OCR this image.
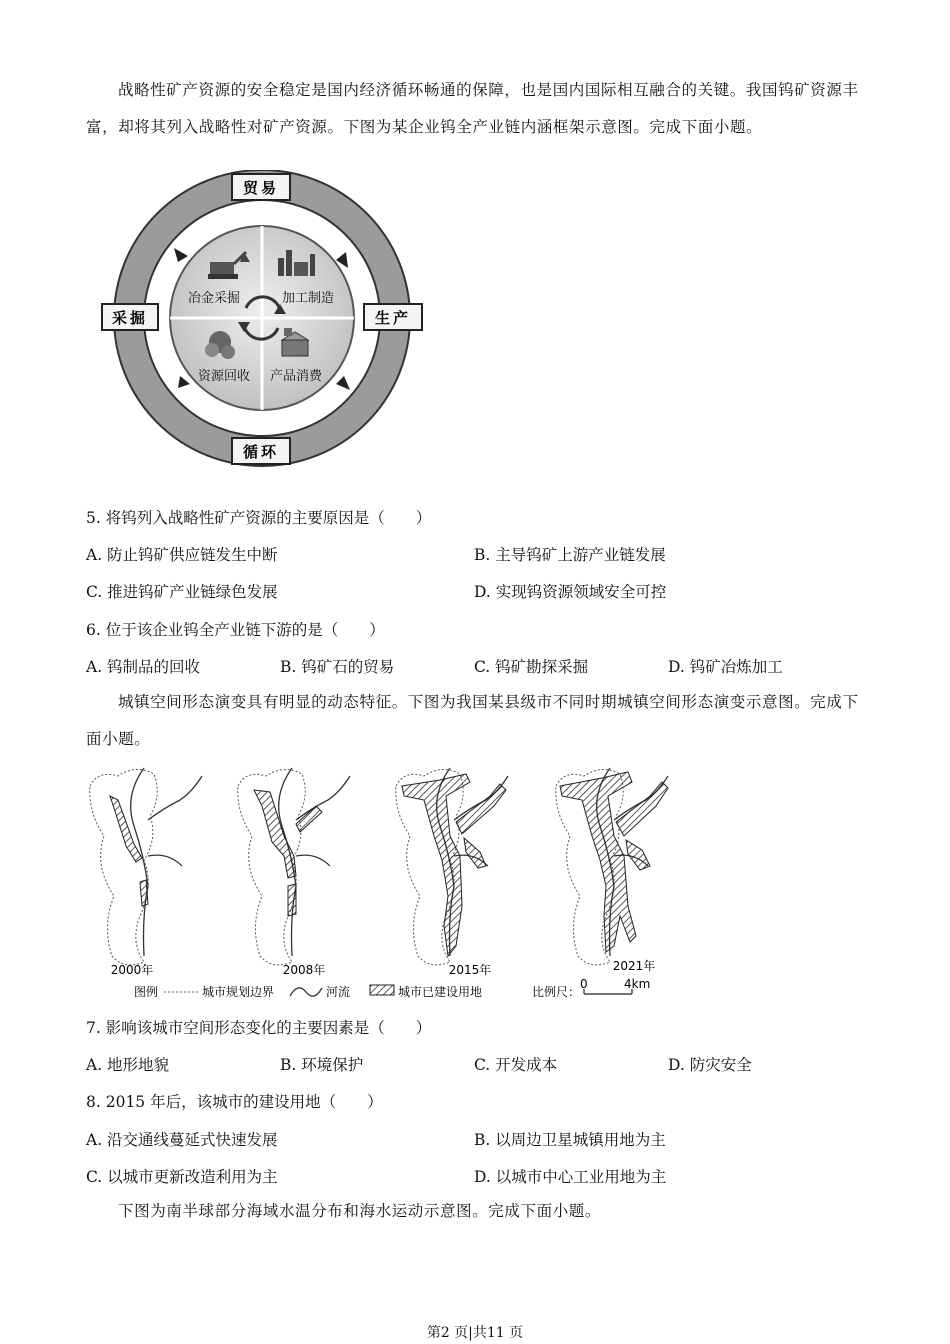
战略性矿产资源的安全稳定是国内经济循环畅通的保障，也是国内国际相互融合的关键。我国钨矿资源丰富，却将其列入战略性对矿产资源。下图为某企业钨全产业链内涵框架示意图。完成下面小题。
冶金采掘	加工制造
资源回收 产品消费
贸易
采掘	生产
循环
5. 将钨列入战略性矿产资源的主要原因是（　　）
A. 防止钨矿供应链发生中断	B. 主导钨矿上游产业链发展
C. 推进钨矿产业链绿色发展	D. 实现钨资源领域安全可控
6. 位于该企业钨全产业链下游的是（　　）
A. 钨制品的回收	B. 钨矿石的贸易	C. 钨矿勘探采掘	D. 钨矿冶炼加工
城镇空间形态演变具有明显的动态特征。下图为我国某县级市不同时期城镇空间形态演变示意图。完成下面小题。
2000年	2008年	2015年	2021年
图例	城市规划边界	河流	城市已建设用地	比例尺：
0	4km
7. 影响该城市空间形态变化的主要因素是（　　）
A. 地形地貌	B. 环境保护	C. 开发成本	D. 防灾安全
8. 2015 年后，该城市的建设用地（　　）
A. 沿交通线蔓延式快速发展	B. 以周边卫星城镇用地为主
C. 以城市更新改造利用为主	D. 以城市中心工业用地为主
下图为南半球部分海域水温分布和海水运动示意图。完成下面小题。
第2 页|共11 页
